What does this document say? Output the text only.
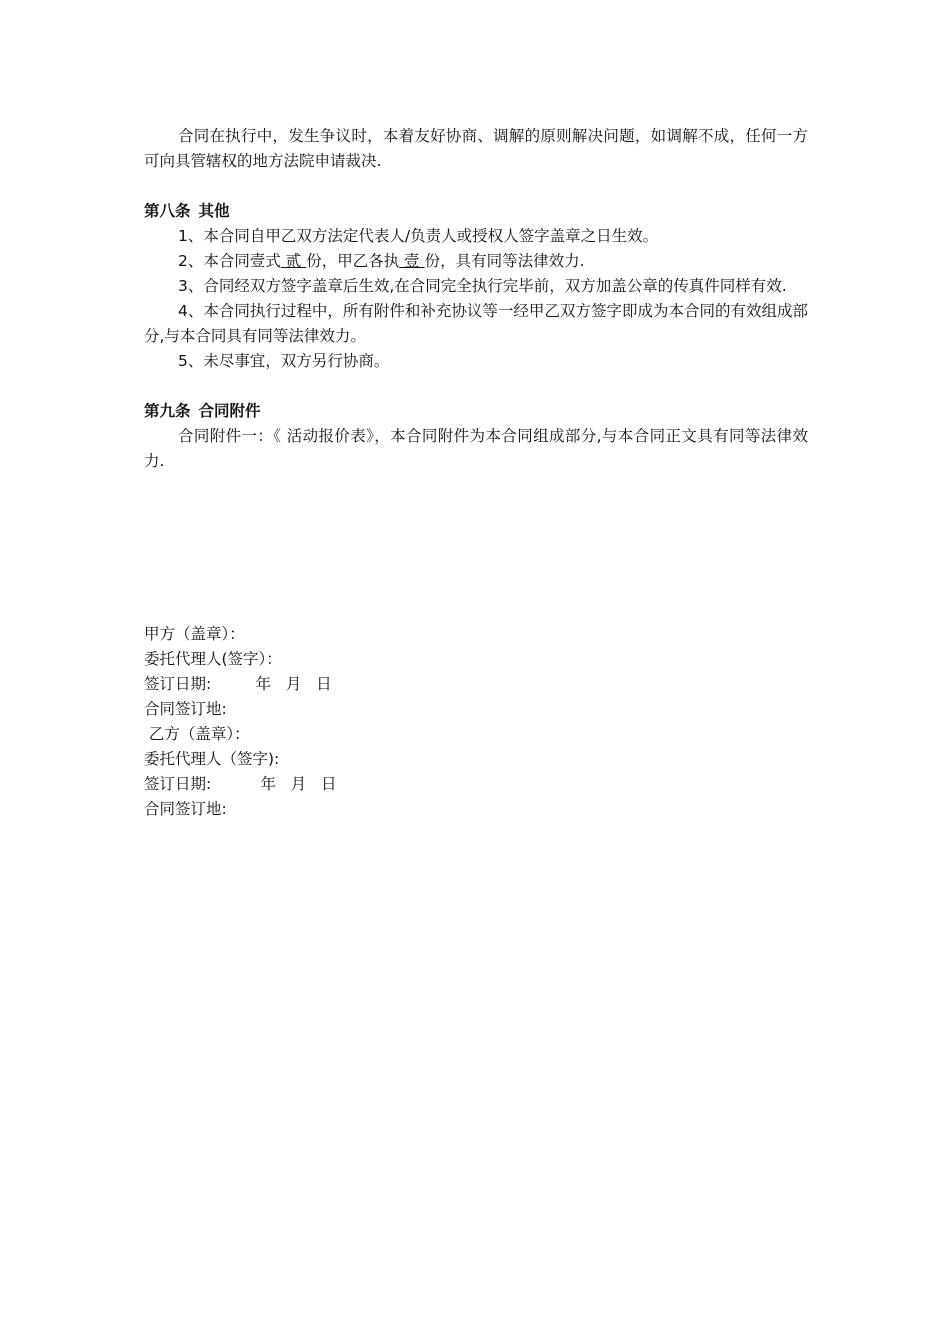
合同在执行中，发生争议时，本着友好协商、调解的原则解决问题，如调解不成，任何一方可向具管辖权的地方法院申请裁决.

第八条 其他

1、本合同自甲乙双方法定代表人/负责人或授权人签字盖章之日生效。

2、本合同壹式 贰 份，甲乙各执 壹 份，具有同等法律效力.

3、合同经双方签字盖章后生效,在合同完全执行完毕前，双方加盖公章的传真件同样有效.

4、本合同执行过程中，所有附件和补充协议等一经甲乙双方签字即成为本合同的有效组成部分,与本合同具有同等法律效力。

5、未尽事宜，双方另行协商。

第九条 合同附件

合同附件一：《 活动报价表》，本合同附件为本合同组成部分,与本合同正文具有同等法律效力.

甲方（盖章）：

委托代理人(签字）：

签订日期:         年   月   日

合同签订地:

乙方（盖章）：

委托代理人（签字):

签订日期:          年   月   日

合同签订地:
